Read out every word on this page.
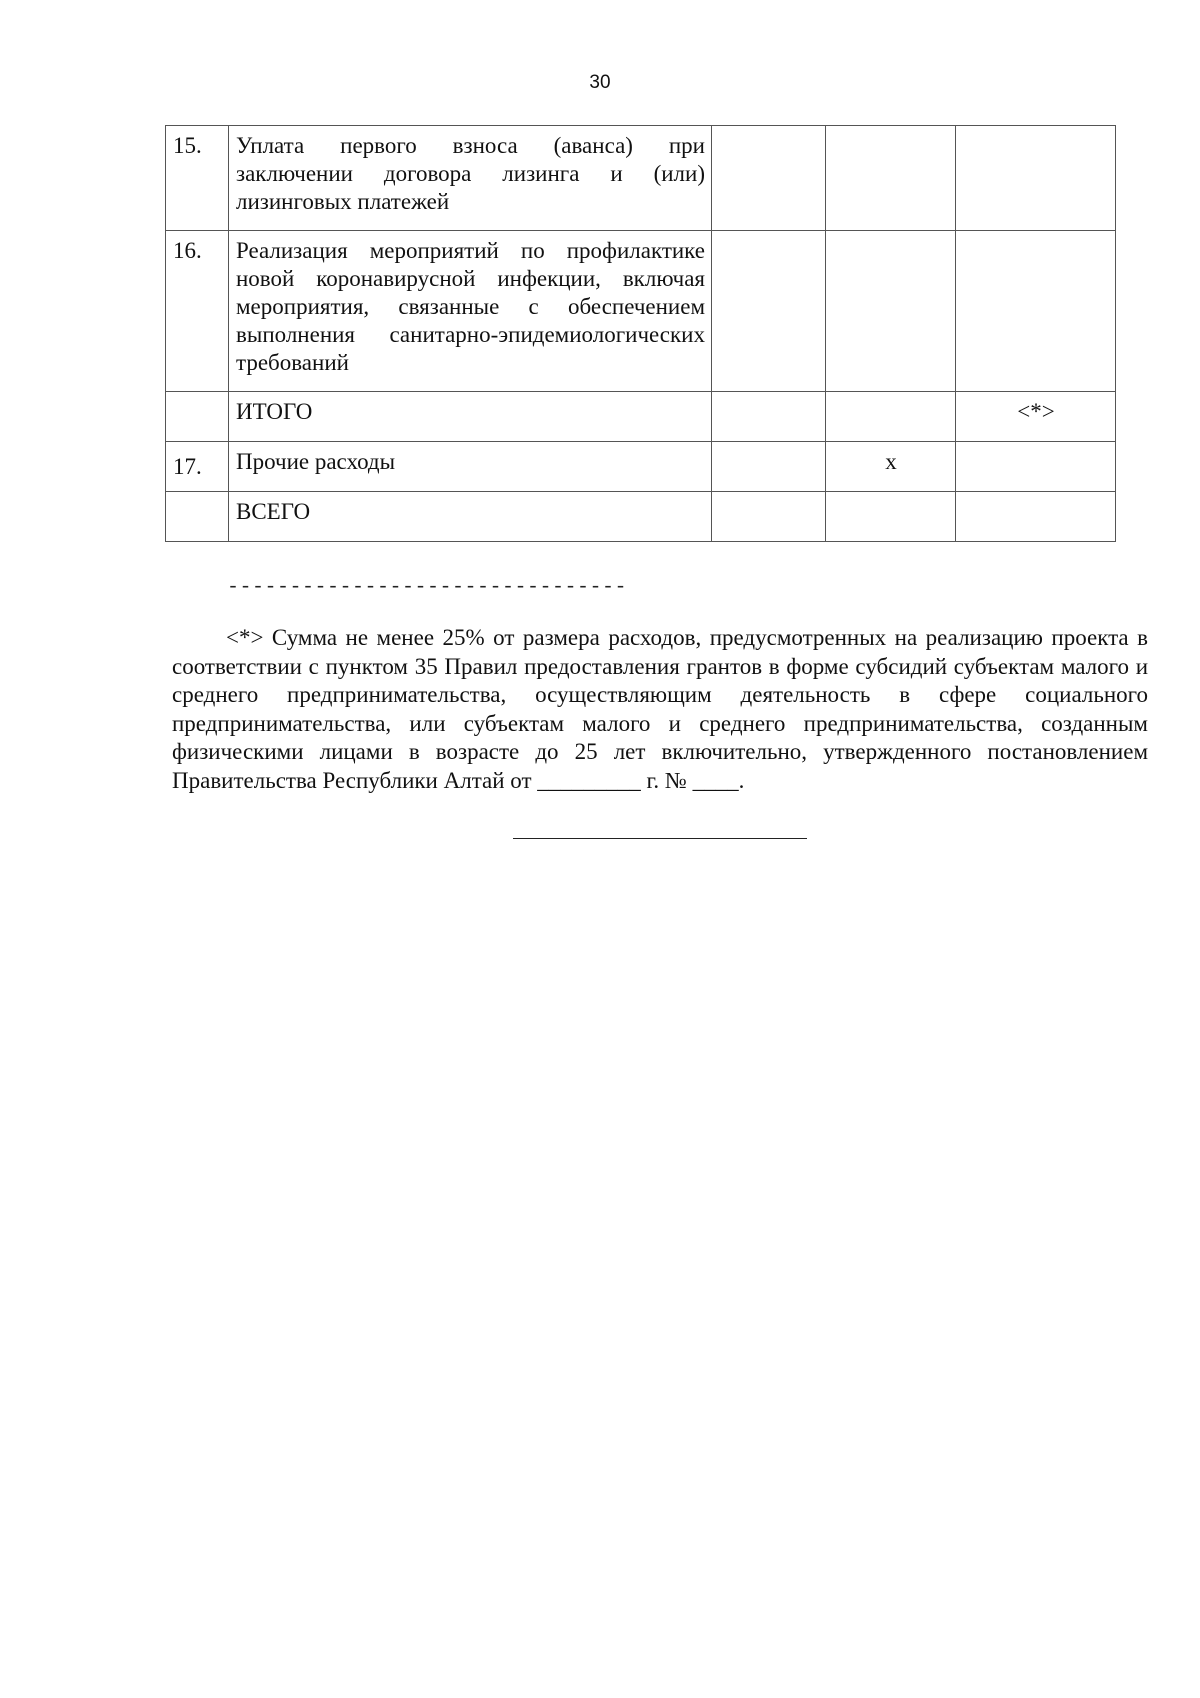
30
15.	Уплата первого взноса (аванса) при заключении договора лизинга и (или) лизинговых платежей			
16.	Реализация мероприятий по профилактике новой коронавирусной инфекции, включая мероприятия, связанные с обеспечением выполнения санитарно-эпидемиологических требований			
	ИТОГО			<*>
17.	Прочие расходы		x	
	ВСЕГО			
--------------------------------

<*> Сумма не менее 25% от размера расходов, предусмотренных на реализацию проекта в соответствии с пунктом 35 Правил предоставления грантов в форме субсидий субъектам малого и среднего предпринимательства, осуществляющим деятельность в сфере социального предпринимательства, или субъектам малого и среднего предпринимательства, созданным физическими лицами в возрасте до 25 лет включительно, утвержденного постановлением Правительства Республики Алтай от _________ г. № ____.
